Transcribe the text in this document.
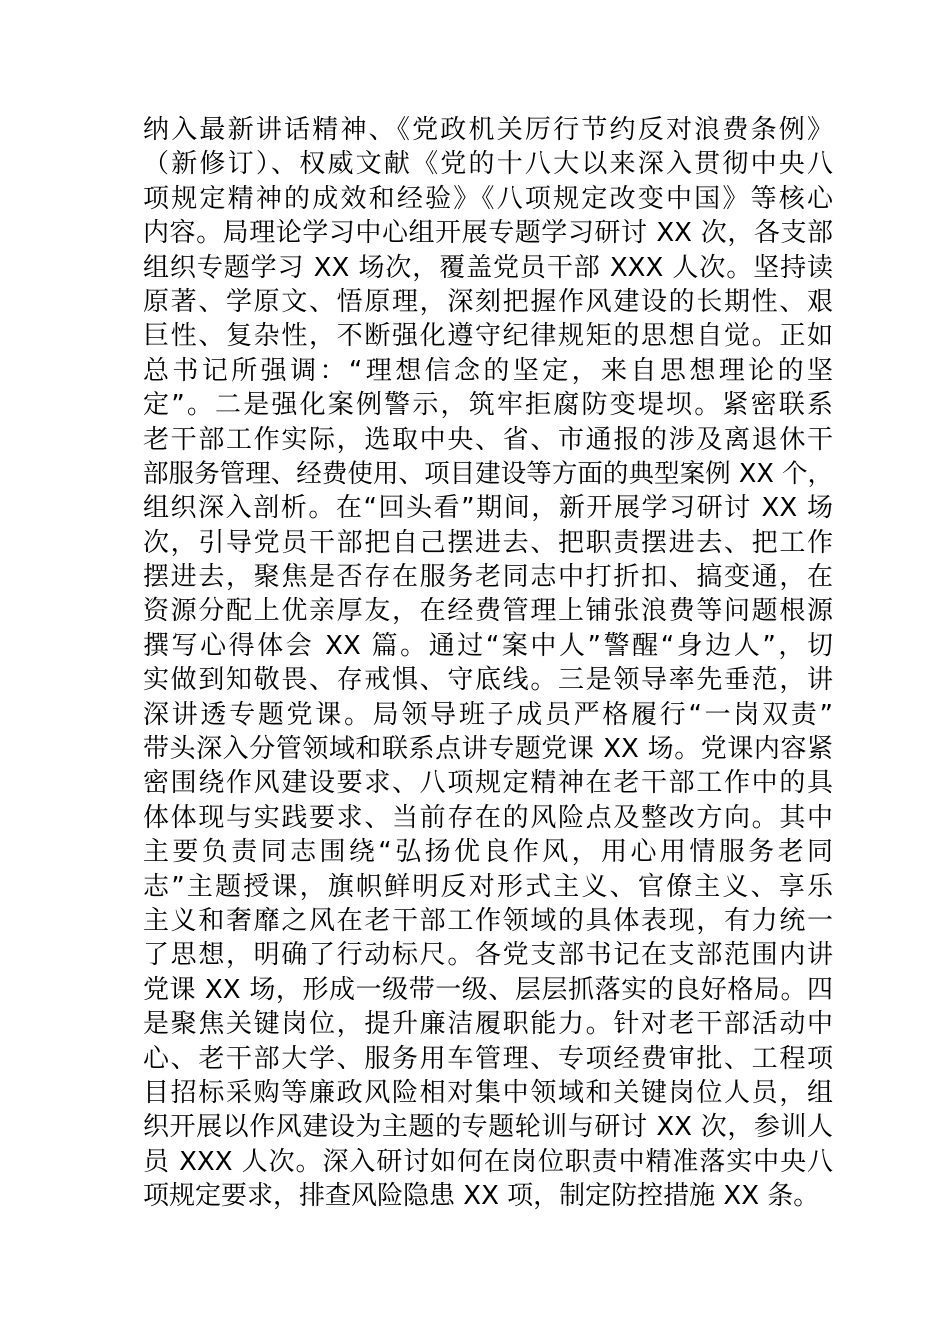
纳入最新讲话精神、《党政机关厉行节约反对浪费条例》
（新修订）、权威文献《党的十八大以来深入贯彻中央八
项规定精神的成效和经验》《八项规定改变中国》等核心
内容。局理论学习中心组开展专题学习研讨 XX 次，各支部
组织专题学习 XX 场次，覆盖党员干部 XXX 人次。坚持读
原著、学原文、悟原理，深刻把握作风建设的长期性、艰
巨性、复杂性，不断强化遵守纪律规矩的思想自觉。正如
总书记所强调：“理想信念的坚定，来自思想理论的坚
定”。二是强化案例警示，筑牢拒腐防变堤坝。紧密联系
老干部工作实际，选取中央、省、市通报的涉及离退休干
部服务管理、经费使用、项目建设等方面的典型案例 XX 个，
组织深入剖析。在“回头看”期间，新开展学习研讨 XX 场
次，引导党员干部把自己摆进去、把职责摆进去、把工作
摆进去，聚焦是否存在服务老同志中打折扣、搞变通，在
资源分配上优亲厚友，在经费管理上铺张浪费等问题根源
撰写心得体会 XX 篇。通过“案中人”警醒“身边人”，切
实做到知敬畏、存戒惧、守底线。三是领导率先垂范，讲
深讲透专题党课。局领导班子成员严格履行“一岗双责”
带头深入分管领域和联系点讲专题党课 XX 场。党课内容紧
密围绕作风建设要求、八项规定精神在老干部工作中的具
体体现与实践要求、当前存在的风险点及整改方向。其中
主要负责同志围绕“弘扬优良作风，用心用情服务老同
志”主题授课，旗帜鲜明反对形式主义、官僚主义、享乐
主义和奢靡之风在老干部工作领域的具体表现，有力统一
了思想，明确了行动标尺。各党支部书记在支部范围内讲
党课 XX 场，形成一级带一级、层层抓落实的良好格局。四
是聚焦关键岗位，提升廉洁履职能力。针对老干部活动中
心、老干部大学、服务用车管理、专项经费审批、工程项
目招标采购等廉政风险相对集中领域和关键岗位人员，组
织开展以作风建设为主题的专题轮训与研讨 XX 次，参训人
员 XXX 人次。深入研讨如何在岗位职责中精准落实中央八
项规定要求，排查风险隐患 XX 项，制定防控措施 XX 条。
